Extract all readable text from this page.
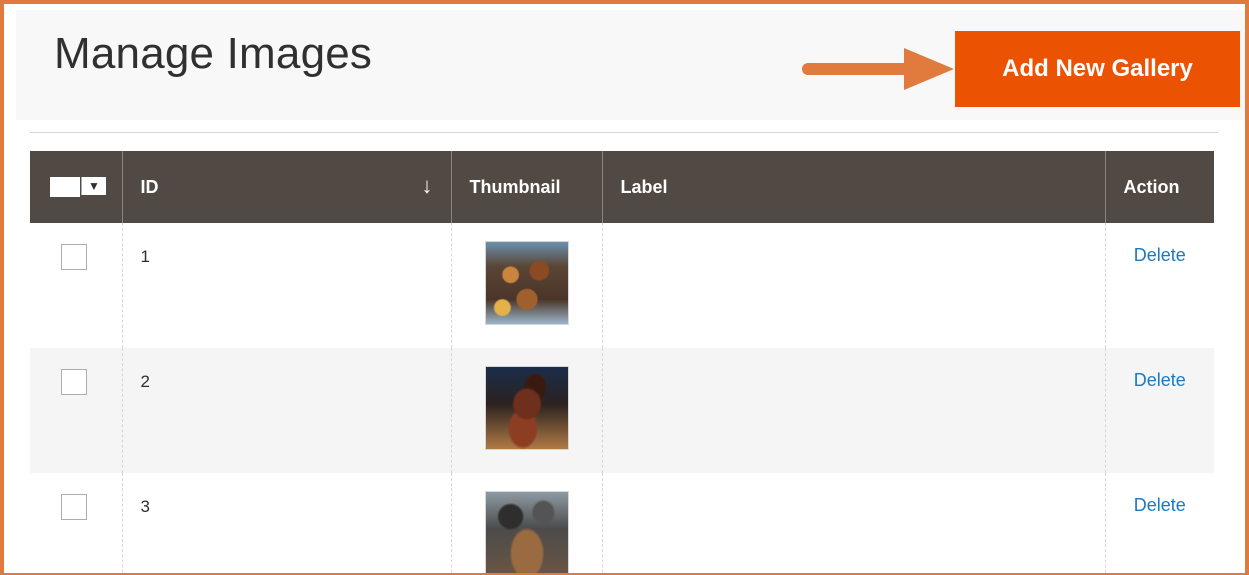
Manage Images	Add New Gallery
▼	ID ↓	Thumbnail	Label	Action

	1			Delete

	2			Delete

	3			Delete
